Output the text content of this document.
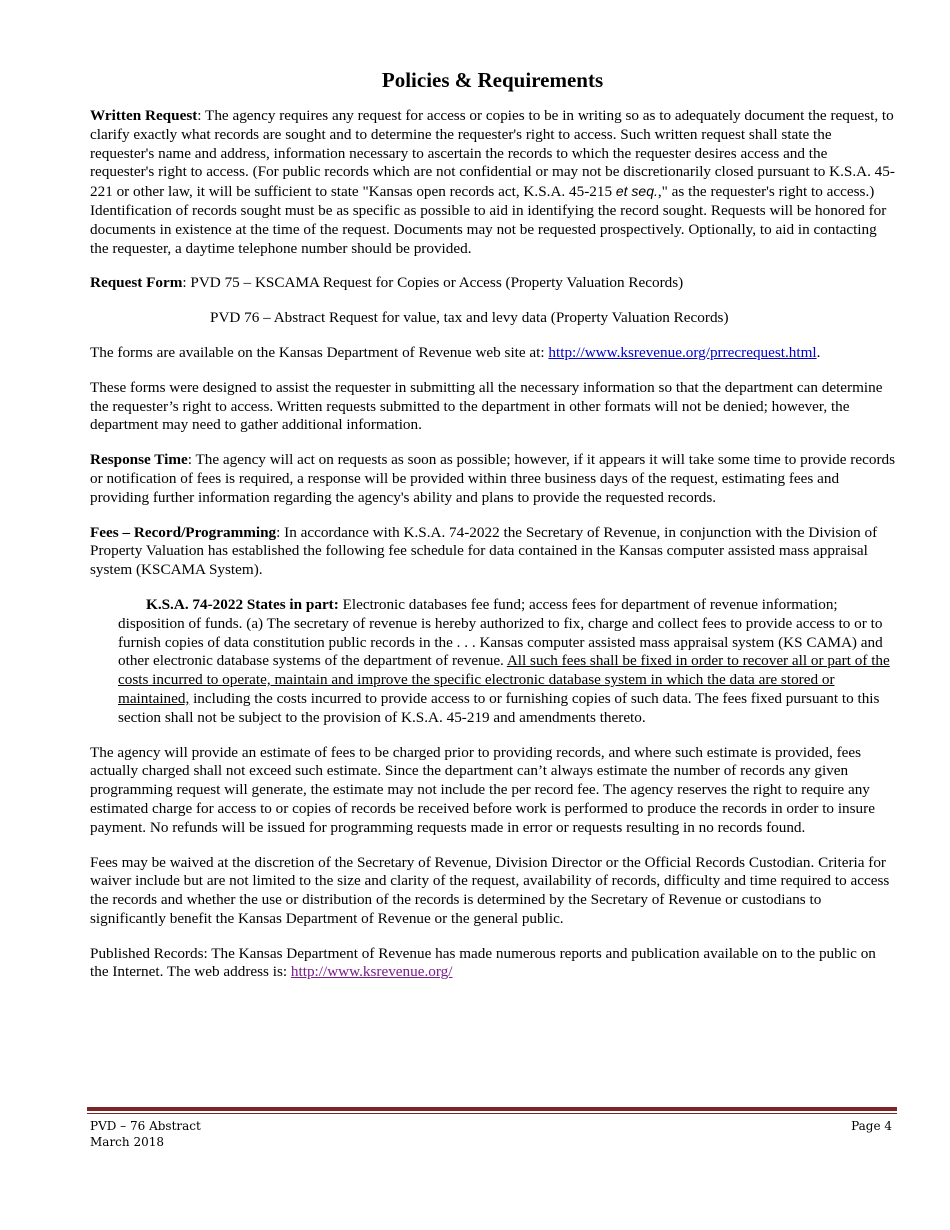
Policies & Requirements

Written Request: The agency requires any request for access or copies to be in writing so as to adequately document the request, to clarify exactly what records are sought and to determine the requester's right to access. Such written request shall state the requester's name and address, information necessary to ascertain the records to which the requester desires access and the requester's right to access. (For public records which are not confidential or may not be discretionarily closed pursuant to K.S.A. 45-221 or other law, it will be sufficient to state "Kansas open records act, K.S.A. 45-215 et seq.," as the requester's right to access.) Identification of records sought must be as specific as possible to aid in identifying the record sought. Requests will be honored for documents in existence at the time of the request. Documents may not be requested prospectively. Optionally, to aid in contacting the requester, a daytime telephone number should be provided.

Request Form: PVD 75 – KSCAMA Request for Copies or Access (Property Valuation Records)

PVD 76 – Abstract Request for value, tax and levy data (Property Valuation Records)

The forms are available on the Kansas Department of Revenue web site at: http://www.ksrevenue.org/prrecrequest.html.

These forms were designed to assist the requester in submitting all the necessary information so that the department can determine the requester’s right to access. Written requests submitted to the department in other formats will not be denied; however, the department may need to gather additional information.

Response Time: The agency will act on requests as soon as possible; however, if it appears it will take some time to provide records or notification of fees is required, a response will be provided within three business days of the request, estimating fees and providing further information regarding the agency's ability and plans to provide the requested records.

Fees – Record/Programming: In accordance with K.S.A. 74-2022 the Secretary of Revenue, in conjunction with the Division of Property Valuation has established the following fee schedule for data contained in the Kansas computer assisted mass appraisal system (KSCAMA System).

K.S.A. 74-2022 States in part: Electronic databases fee fund; access fees for department of revenue information; disposition of funds. (a) The secretary of revenue is hereby authorized to fix, charge and collect fees to provide access to or to furnish copies of data constitution public records in the . . . Kansas computer assisted mass appraisal system (KS CAMA) and other electronic database systems of the department of revenue. All such fees shall be fixed in order to recover all or part of the costs incurred to operate, maintain and improve the specific electronic database system in which the data are stored or maintained, including the costs incurred to provide access to or furnishing copies of such data. The fees fixed pursuant to this section shall not be subject to the provision of K.S.A. 45-219 and amendments thereto.

The agency will provide an estimate of fees to be charged prior to providing records, and where such estimate is provided, fees actually charged shall not exceed such estimate. Since the department can’t always estimate the number of records any given programming request will generate, the estimate may not include the per record fee. The agency reserves the right to require any estimated charge for access to or copies of records be received before work is performed to produce the records in order to insure payment. No refunds will be issued for programming requests made in error or requests resulting in no records found.

Fees may be waived at the discretion of the Secretary of Revenue, Division Director or the Official Records Custodian. Criteria for waiver include but are not limited to the size and clarity of the request, availability of records, difficulty and time required to access the records and whether the use or distribution of the records is determined by the Secretary of Revenue or custodians to significantly benefit the Kansas Department of Revenue or the general public.

Published Records: The Kansas Department of Revenue has made numerous reports and publication available on to the public on the Internet. The web address is: http://www.ksrevenue.org/

PVD – 76 Abstract
March 2018
Page 4
